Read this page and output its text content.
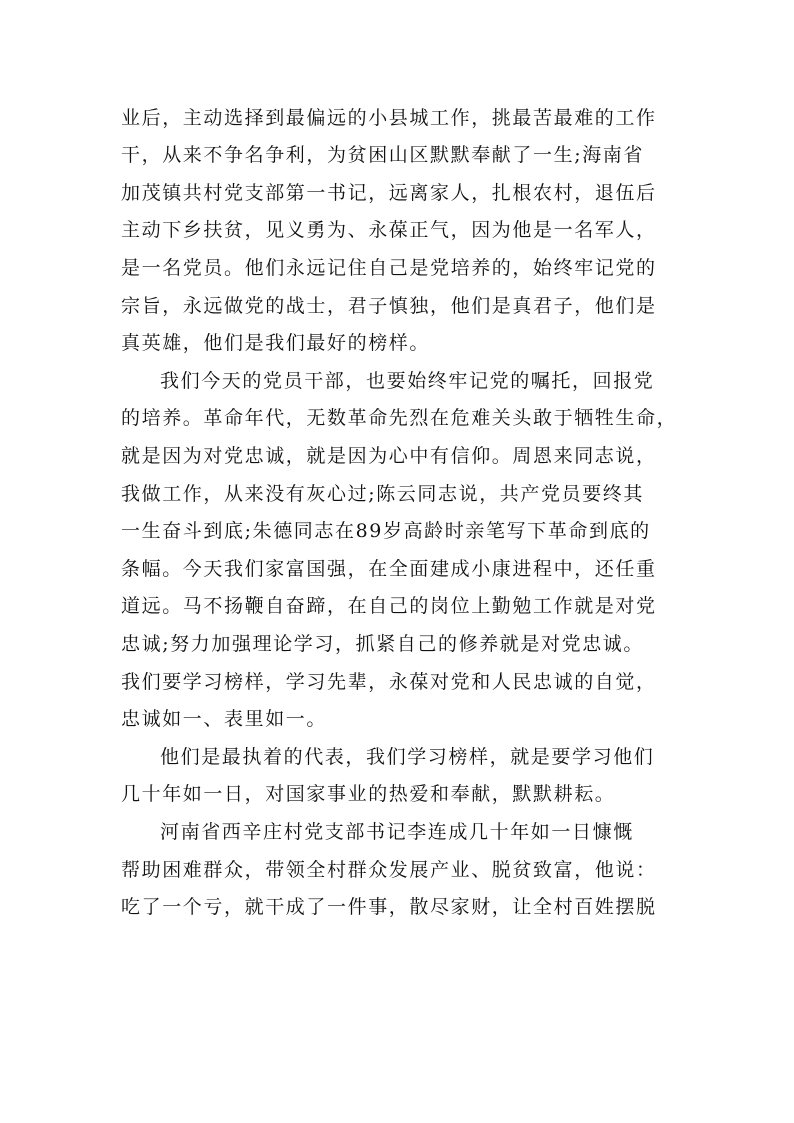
业后，主动选择到最偏远的小县城工作，挑最苦最难的工作
干，从来不争名争利，为贫困山区默默奉献了一生;海南省
加茂镇共村党支部第一书记，远离家人，扎根农村，退伍后
主动下乡扶贫，见义勇为、永葆正气，因为他是一名军人，
是一名党员。他们永远记住自己是党培养的，始终牢记党的
宗旨，永远做党的战士，君子慎独，他们是真君子，他们是
真英雄，他们是我们最好的榜样。
我们今天的党员干部，也要始终牢记党的嘱托，回报党
的培养。革命年代，无数革命先烈在危难关头敢于牺牲生命，
就是因为对党忠诚，就是因为心中有信仰。周恩来同志说，
我做工作，从来没有灰心过;陈云同志说，共产党员要终其
一生奋斗到底;朱德同志在89岁高龄时亲笔写下革命到底的
条幅。今天我们家富国强，在全面建成小康进程中，还任重
道远。马不扬鞭自奋蹄，在自己的岗位上勤勉工作就是对党
忠诚;努力加强理论学习，抓紧自己的修养就是对党忠诚。
我们要学习榜样，学习先辈，永葆对党和人民忠诚的自觉，
忠诚如一、表里如一。
他们是最执着的代表，我们学习榜样，就是要学习他们
几十年如一日，对国家事业的热爱和奉献，默默耕耘。
河南省西辛庄村党支部书记李连成几十年如一日慷慨
帮助困难群众，带领全村群众发展产业、脱贫致富，他说：
吃了一个亏，就干成了一件事，散尽家财，让全村百姓摆脱
